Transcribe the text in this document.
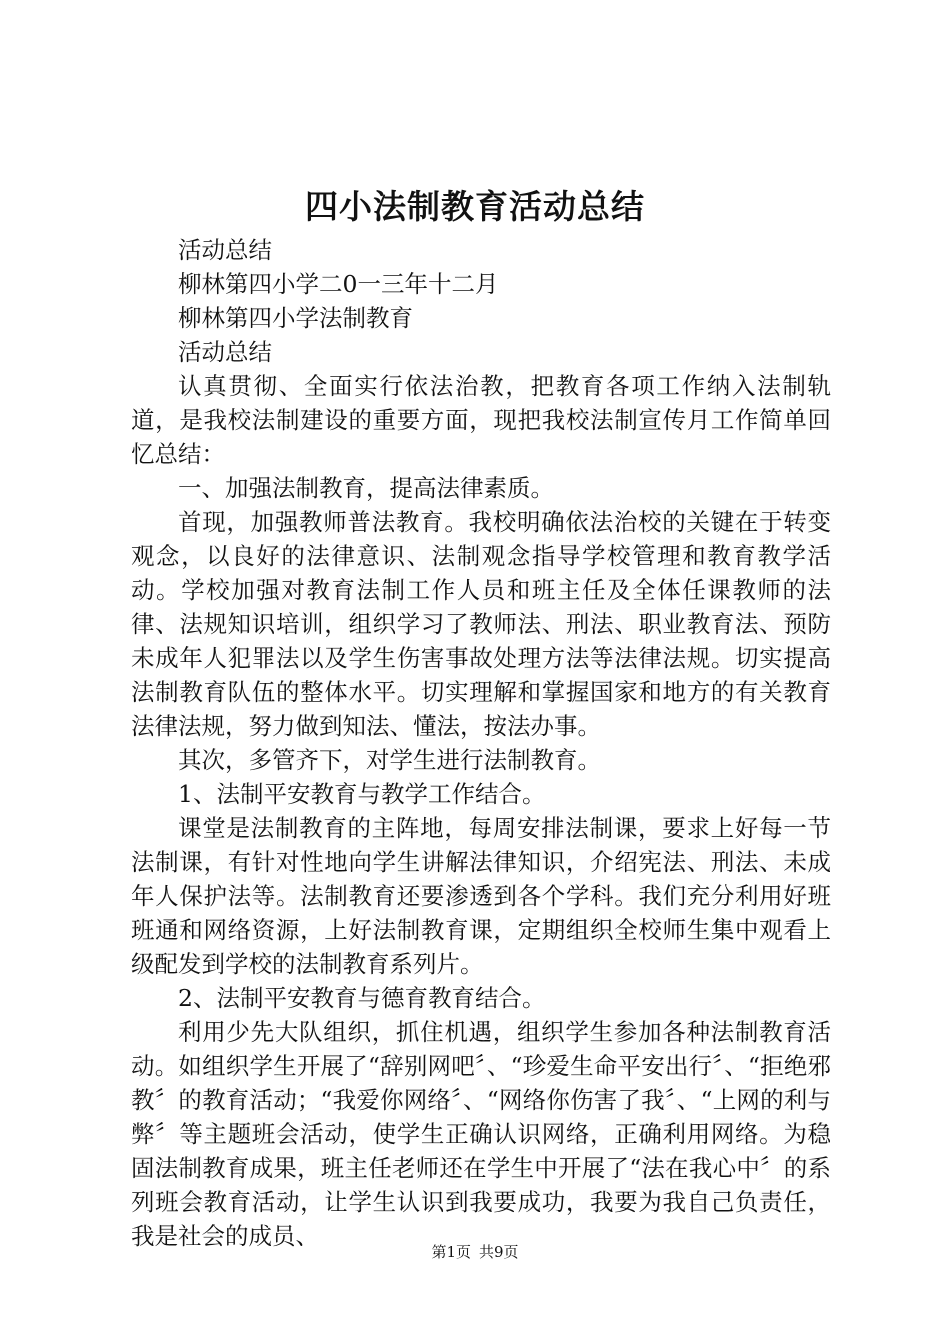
四小法制教育活动总结

活动总结

柳林第四小学二0一三年十二月

柳林第四小学法制教育

活动总结

认真贯彻、全面实行依法治教，把教育各项工作纳入法制轨道，是我校法制建设的重要方面，现把我校法制宣传月工作简单回忆总结：

一、加强法制教育，提高法律素质。

首现，加强教师普法教育。我校明确依法治校的关键在于转变观念，以良好的法律意识、法制观念指导学校管理和教育教学活动。学校加强对教育法制工作人员和班主任及全体任课教师的法律、法规知识培训，组织学习了教师法、刑法、职业教育法、预防未成年人犯罪法以及学生伤害事故处理方法等法律法规。切实提高法制教育队伍的整体水平。切实理解和掌握国家和地方的有关教育法律法规，努力做到知法、懂法，按法办事。

其次，多管齐下，对学生进行法制教育。

1、法制平安教育与教学工作结合。

课堂是法制教育的主阵地，每周安排法制课，要求上好每一节法制课，有针对性地向学生讲解法律知识，介绍宪法、刑法、未成年人保护法等。法制教育还要渗透到各个学科。我们充分利用好班班通和网络资源，上好法制教育课，定期组织全校师生集中观看上级配发到学校的法制教育系列片。

2、法制平安教育与德育教育结合。

利用少先大队组织，抓住机遇，组织学生参加各种法制教育活动。如组织学生开展了“辞别网吧〞、“珍爱生命平安出行〞、“拒绝邪教〞的教育活动；“我爱你网络〞、“网络你伤害了我〞、“上网的利与弊〞等主题班会活动，使学生正确认识网络，正确利用网络。为稳固法制教育成果，班主任老师还在学生中开展了“法在我心中〞的系列班会教育活动，让学生认识到我要成功，我要为我自己负责任，我是社会的成员、

第1页 共9页
